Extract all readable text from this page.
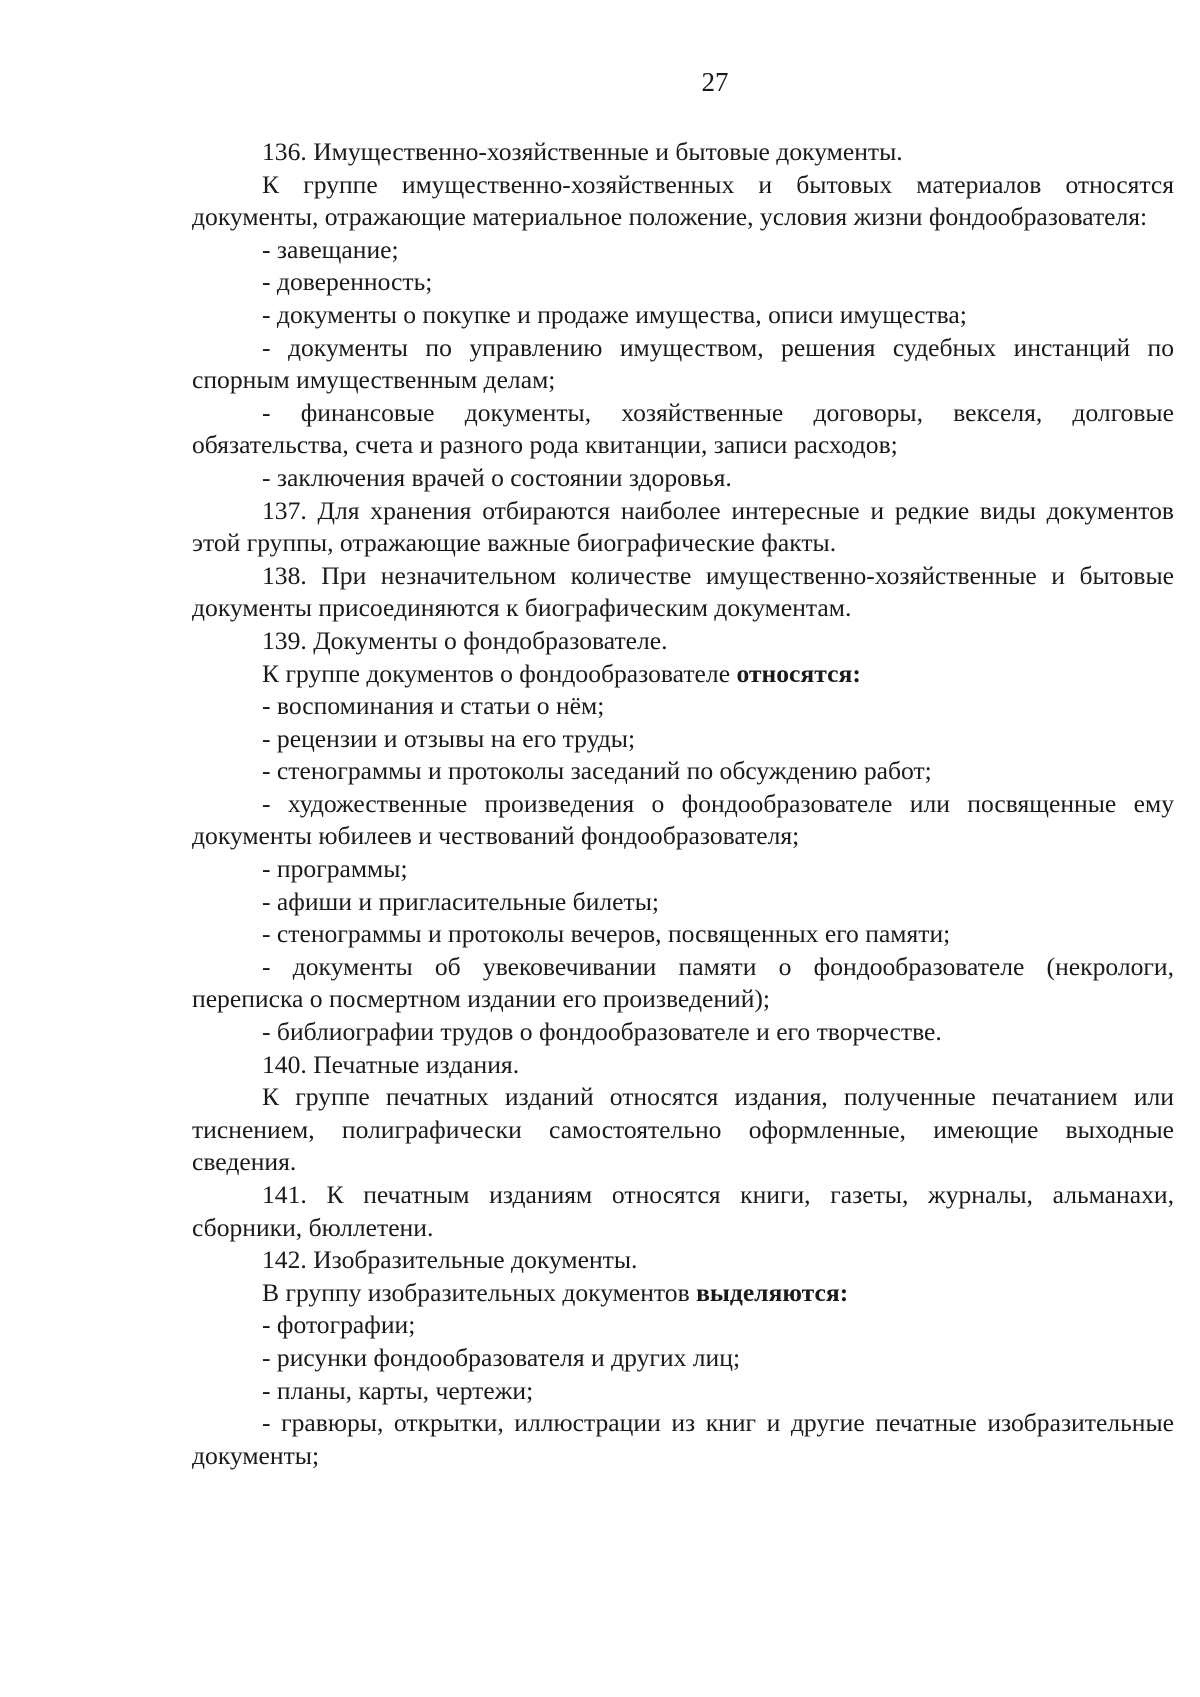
27

136. Имущественно-хозяйственные и бытовые документы.

К группе имущественно-хозяйственных и бытовых материалов относятся документы, отражающие материальное положение, условия жизни фондообразователя:

- завещание;

- доверенность;

- документы о покупке и продаже имущества, описи имущества;

- документы по управлению имуществом, решения судебных инстанций по спорным имущественным делам;

- финансовые документы, хозяйственные договоры, векселя, долговые обязательства, счета и разного рода квитанции, записи расходов;

- заключения врачей о состоянии здоровья.

137. Для хранения отбираются наиболее интересные и редкие виды документов этой группы, отражающие важные биографические факты.

138. При незначительном количестве имущественно-хозяйственные и бытовые документы присоединяются к биографическим документам.

139. Документы о фондобразователе.

К группе документов о фондообразователе относятся:

- воспоминания и статьи о нём;

- рецензии и отзывы на его труды;

- стенограммы и протоколы заседаний по обсуждению работ;

- художественные произведения о фондообразователе или посвященные ему документы юбилеев и чествований фондообразователя;

- программы;

- афиши и пригласительные билеты;

- стенограммы и протоколы вечеров, посвященных его памяти;

- документы об увековечивании памяти о фондообразователе (некрологи, переписка о посмертном издании его произведений);

- библиографии трудов о фондообразователе и его творчестве.

140. Печатные издания.

К группе печатных изданий относятся издания, полученные печатанием или тиснением, полиграфически самостоятельно оформленные, имеющие выходные сведения.

141. К печатным изданиям относятся книги, газеты, журналы, альманахи, сборники, бюллетени.

142. Изобразительные документы.

В группу изобразительных документов выделяются:

- фотографии;

- рисунки фондообразователя и других лиц;

- планы, карты, чертежи;

- гравюры, открытки, иллюстрации из книг и другие печатные изобразительные документы;
